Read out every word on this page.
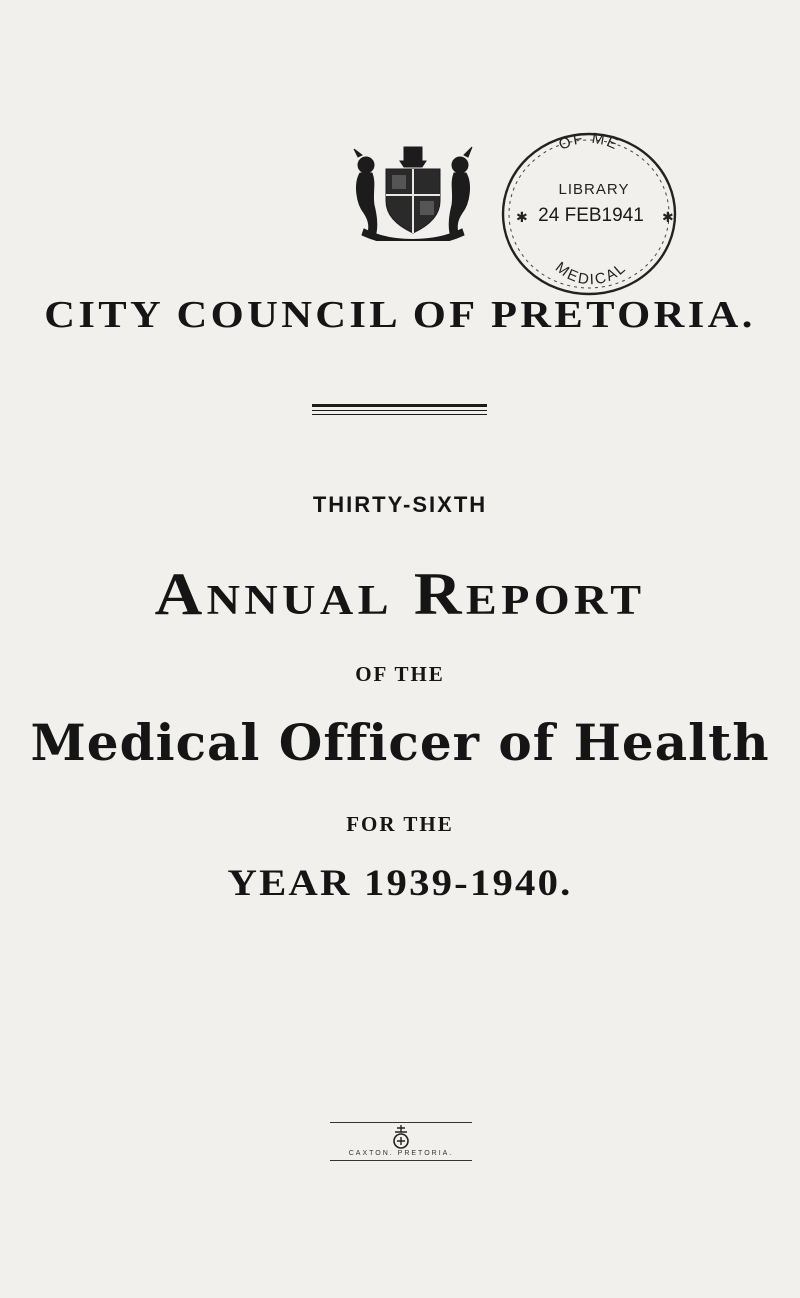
OF ME
LIBRARY
✱	✱
24 FEB1941
MEDICAL
CITY COUNCIL OF PRETORIA.
THIRTY-SIXTH
Annual Report
OF THE
Medical Officer of Health
FOR THE
YEAR 1939-1940.
CAXTON. PRETORIA.
